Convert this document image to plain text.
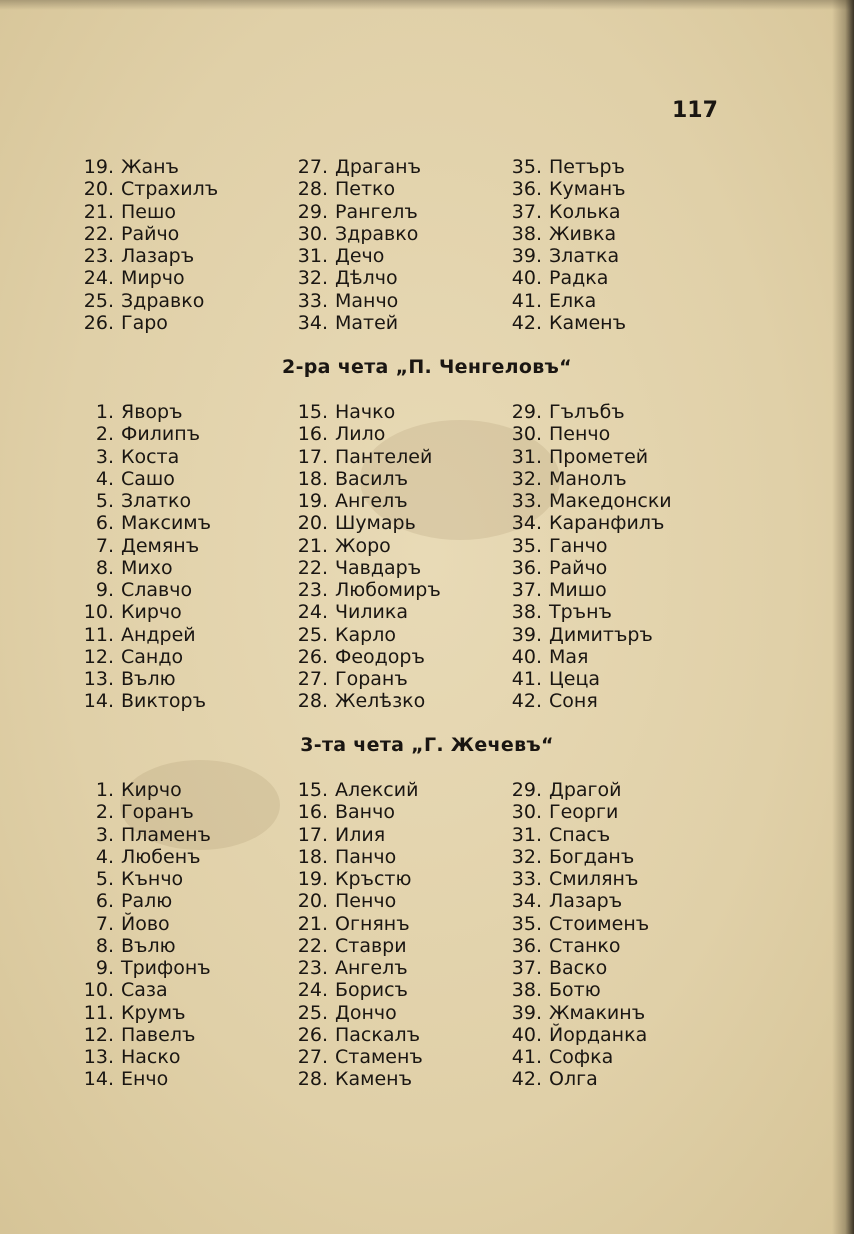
117
19. Жанъ
20. Страхилъ
21. Пешо
22. Райчо
23. Лазаръ
24. Мирчо
25. Здравко
26. Гаро
27. Драганъ
28. Петко
29. Рангелъ
30. Здравко
31. Дечо
32. Дѣлчо
33. Манчо
34. Матей
35. Петъръ
36. Куманъ
37. Колька
38. Живка
39. Златка
40. Радка
41. Елка
42. Каменъ
2-ра чета „П. Ченгеловъ“
1. Яворъ
2. Филипъ
3. Коста
4. Сашо
5. Златко
6. Максимъ
7. Демянъ
8. Михо
9. Славчо
10. Кирчо
11. Андрей
12. Сандо
13. Вълю
14. Викторъ
15. Начко
16. Лило
17. Пантелей
18. Василъ
19. Ангелъ
20. Шумарь
21. Жоро
22. Чавдаръ
23. Любомиръ
24. Чилика
25. Карло
26. Феодоръ
27. Горанъ
28. Желѣзко
29. Гълъбъ
30. Пенчо
31. Прометей
32. Манолъ
33. Македонски
34. Каранфилъ
35. Ганчо
36. Райчо
37. Мишо
38. Трънъ
39. Димитъръ
40. Мая
41. Цеца
42. Соня
3-та чета „Г. Жечевъ“
1. Кирчо
2. Горанъ
3. Пламенъ
4. Любенъ
5. Кънчо
6. Ралю
7. Йово
8. Вълю
9. Трифонъ
10. Саза
11. Крумъ
12. Павелъ
13. Наско
14. Енчо
15. Алексий
16. Ванчо
17. Илия
18. Панчо
19. Кръстю
20. Пенчо
21. Огнянъ
22. Ставри
23. Ангелъ
24. Борисъ
25. Дончо
26. Паскалъ
27. Стаменъ
28. Каменъ
29. Драгой
30. Георги
31. Спасъ
32. Богданъ
33. Смилянъ
34. Лазаръ
35. Стоименъ
36. Станко
37. Васко
38. Ботю
39. Жмакинъ
40. Йорданка
41. Софка
42. Олга
